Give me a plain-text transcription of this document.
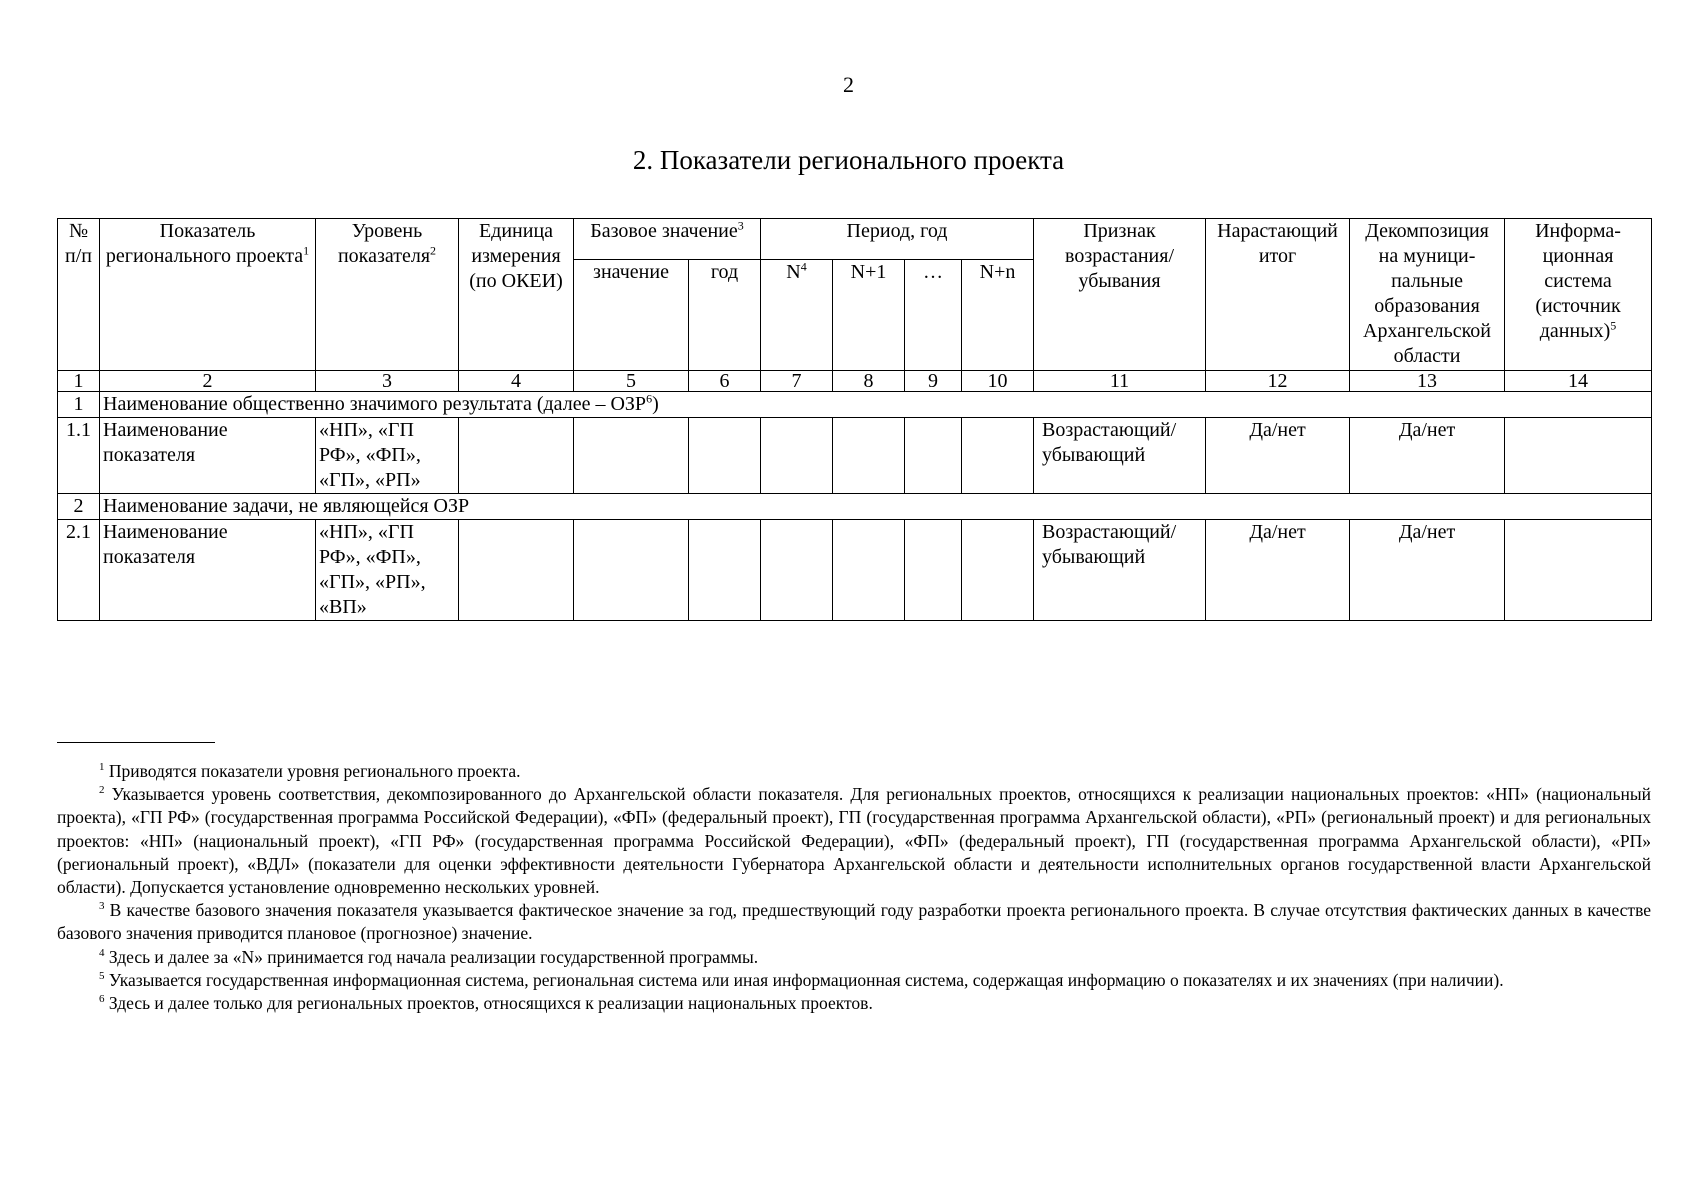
2
2. Показатели регионального проекта
№ п/п	Показатель регионального проекта$^1$	Уровень показателя$^2$	Единица измерения (по ОКЕИ)	Базовое значение$^3$		Период, год				Признак возрастания/ убывания	Нарастающий итог	Декомпозиция на муници-пальные образования Архангельской области	Информа-ционная система (источник данных)$^5$
				значение	год	$N^4$	N+1	…	N+n				
1	2	3	4	5	6	7	8	9	10	11	12	13	14
1	Наименование общественно значимого результата (далее – ОЗР$^6$)												
1.1	Наименование показателя	«НП», «ГП РФ», «ФП», «ГП», «РП»								Возрастающий/ убывающий	Да/нет	Да/нет	
2	Наименование задачи, не являющейся ОЗР												
2.1	Наименование показателя	«НП», «ГП РФ», «ФП», «ГП», «РП», «ВП»								Возрастающий/ убывающий	Да/нет	Да/нет	

$^1$ Приводятся показатели уровня регионального проекта.

$^2$ Указывается уровень соответствия, декомпозированного до Архангельской области показателя. Для региональных проектов, относящихся к реализации национальных проектов: «НП» (национальный проекта), «ГП РФ» (государственная программа Российской Федерации), «ФП» (федеральный проект), ГП (государственная программа Архангельской области), «РП» (региональный проект) и для региональных проектов: «НП» (национальный проект), «ГП РФ» (государственная программа Российской Федерации), «ФП» (федеральный проект), ГП (государственная программа Архангельской области), «РП» (региональный проект), «ВДЛ» (показатели для оценки эффективности деятельности Губернатора Архангельской области и деятельности исполнительных органов государственной власти Архангельской области). Допускается установление одновременно нескольких уровней.

$^3$ В качестве базового значения показателя указывается фактическое значение за год, предшествующий году разработки проекта регионального проекта. В случае отсутствия фактических данных в качестве базового значения приводится плановое (прогнозное) значение.

$^4$ Здесь и далее за «N» принимается год начала реализации государственной программы.

$^5$ Указывается государственная информационная система, региональная система или иная информационная система, содержащая информацию о показателях и их значениях (при наличии).

$^6$ Здесь и далее только для региональных проектов, относящихся к реализации национальных проектов.
